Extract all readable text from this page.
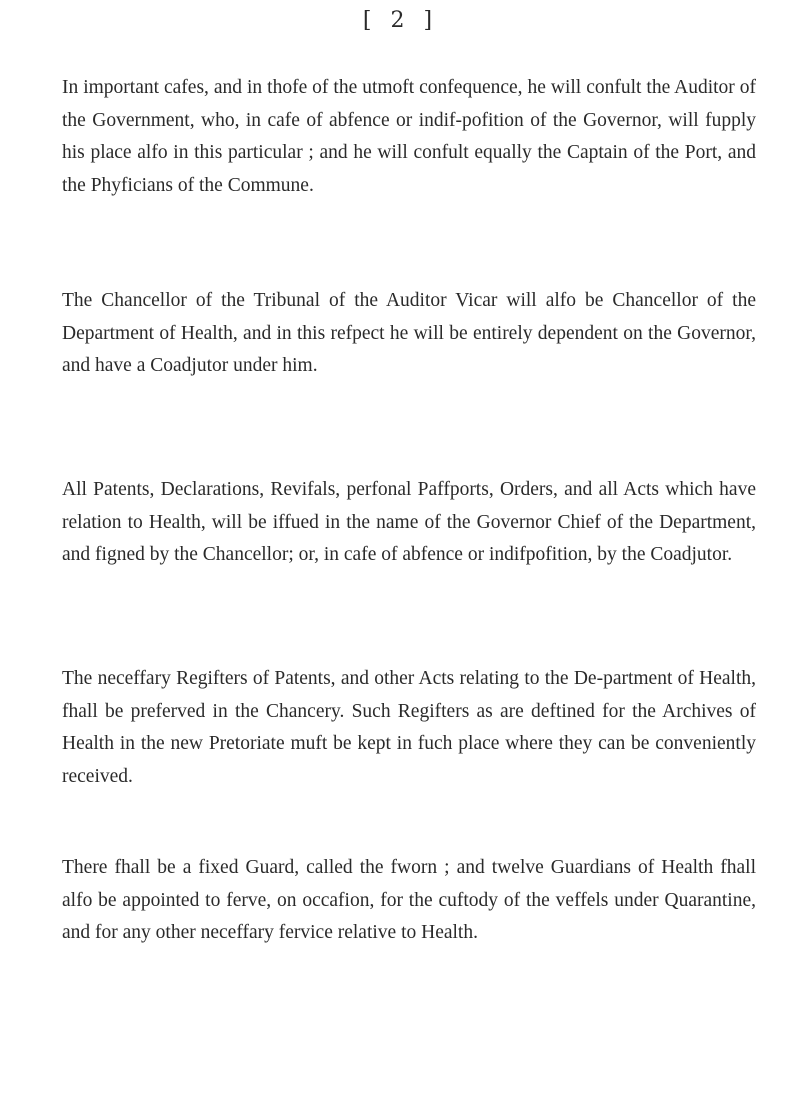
[ 2 ]

In important cafes, and in thofe of the utmoft confequence, he will confult the Auditor of the Government, who, in cafe of abfence or indif-pofition of the Governor, will fupply his place alfo in this particular ; and he will confult equally the Captain of the Port, and the Phyficians of the Commune.

The Chancellor of the Tribunal of the Auditor Vicar will alfo be Chancellor of the Department of Health, and in this refpect he will be entirely dependent on the Governor, and have a Coadjutor under him.

All Patents, Declarations, Revifals, perfonal Paffports, Orders, and all Acts which have relation to Health, will be iffued in the name of the Governor Chief of the Department, and figned by the Chancellor; or, in cafe of abfence or indifpofition, by the Coadjutor.

The neceffary Regifters of Patents, and other Acts relating to the De-partment of Health, fhall be preferved in the Chancery. Such Regifters as are deftined for the Archives of Health in the new Pretoriate muft be kept in fuch place where they can be conveniently received.

There fhall be a fixed Guard, called the fworn ; and twelve Guardians of Health fhall alfo be appointed to ferve, on occafion, for the cuftody of the veffels under Quarantine, and for any other neceffary fervice relative to Health.
